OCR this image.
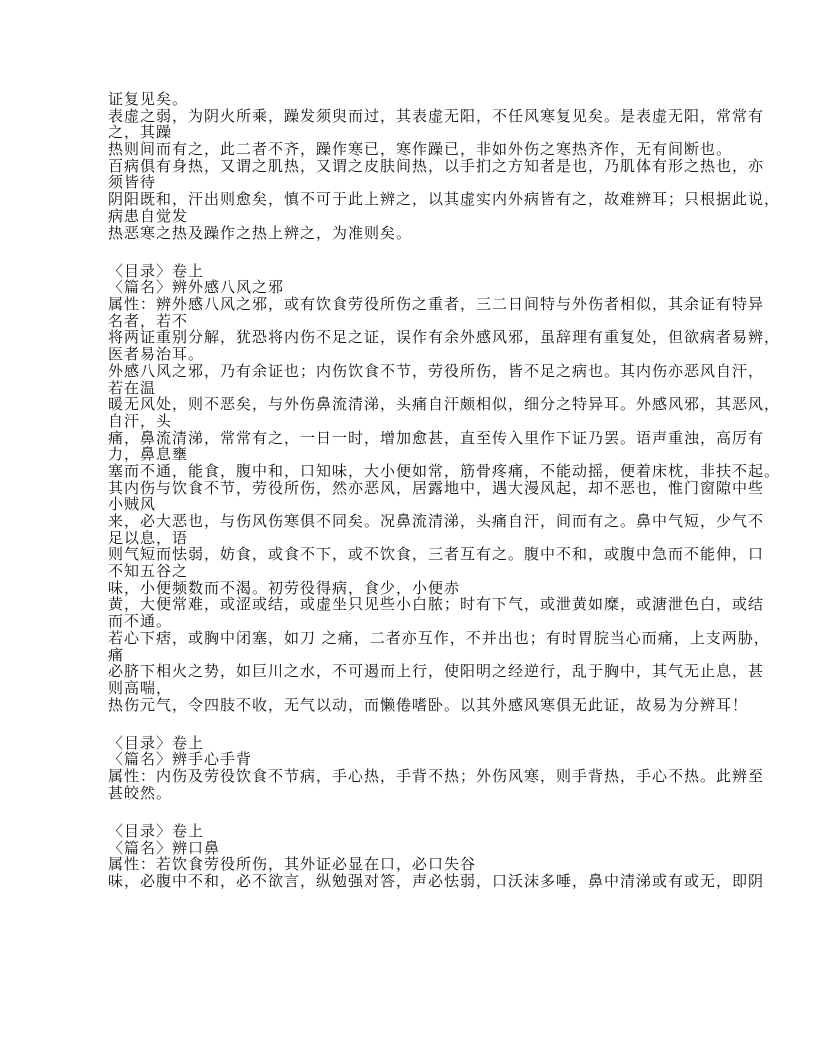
证复见矣。
表虚之弱，为阴火所乘，躁发须臾而过，其表虚无阳，不任风寒复见矣。是表虚无阳，常常有
之，其躁
热则间而有之，此二者不齐，躁作寒已，寒作躁已，非如外伤之寒热齐作，无有间断也。
百病俱有身热，又谓之肌热，又谓之皮肤间热，以手扪之方知者是也，乃肌体有形之热也，亦
须皆待
阴阳既和，汗出则愈矣，慎不可于此上辨之，以其虚实内外病皆有之，故难辨耳；只根据此说，
病患自觉发
热恶寒之热及躁作之热上辨之，为准则矣。
〈目录〉卷上
〈篇名〉辨外感八风之邪
属性：辨外感八风之邪，或有饮食劳役所伤之重者，三二日间特与外伤者相似，其余证有特异
名者，若不
将两证重别分解，犹恐将内伤不足之证，误作有余外感风邪，虽辞理有重复处，但欲病者易辨，
医者易治耳。
外感八风之邪，乃有余证也；内伤饮食不节，劳役所伤，皆不足之病也。其内伤亦恶风自汗，
若在温
暖无风处，则不恶矣，与外伤鼻流清涕，头痛自汗颇相似，细分之特异耳。外感风邪，其恶风，
自汗，头
痛，鼻流清涕，常常有之，一日一时，增加愈甚，直至传入里作下证乃罢。语声重浊，高厉有
力，鼻息壅
塞而不通，能食，腹中和，口知味，大小便如常，筋骨疼痛，不能动摇，便着床枕，非扶不起。
其内伤与饮食不节，劳役所伤，然亦恶风，居露地中，遇大漫风起，却不恶也，惟门窗隙中些
小贼风
来，必大恶也，与伤风伤寒俱不同矣。况鼻流清涕，头痛自汗，间而有之。鼻中气短，少气不
足以息，语
则气短而怯弱，妨食，或食不下，或不饮食，三者互有之。腹中不和，或腹中急而不能伸，口
不知五谷之
味，小便频数而不渴。初劳役得病，食少，小便赤
黄，大便常难，或涩或结，或虚坐只见些小白脓；时有下气，或泄黄如糜，或溏泄色白，或结
而不通。
若心下痞，或胸中闭塞，如刀 之痛，二者亦互作，不并出也；有时胃脘当心而痛，上支两胁，
痛
必脐下相火之势，如巨川之水，不可遏而上行，使阳明之经逆行，乱于胸中，其气无止息，甚
则高喘，
热伤元气，令四肢不收，无气以动，而懒倦嗜卧。以其外感风寒俱无此证，故易为分辨耳！
〈目录〉卷上
〈篇名〉辨手心手背
属性：内伤及劳役饮食不节病，手心热，手背不热；外伤风寒，则手背热，手心不热。此辨至
甚皎然。
〈目录〉卷上
〈篇名〉辨口鼻
属性：若饮食劳役所伤，其外证必显在口，必口失谷
味，必腹中不和，必不欲言，纵勉强对答，声必怯弱，口沃沫多唾，鼻中清涕或有或无，即阴
